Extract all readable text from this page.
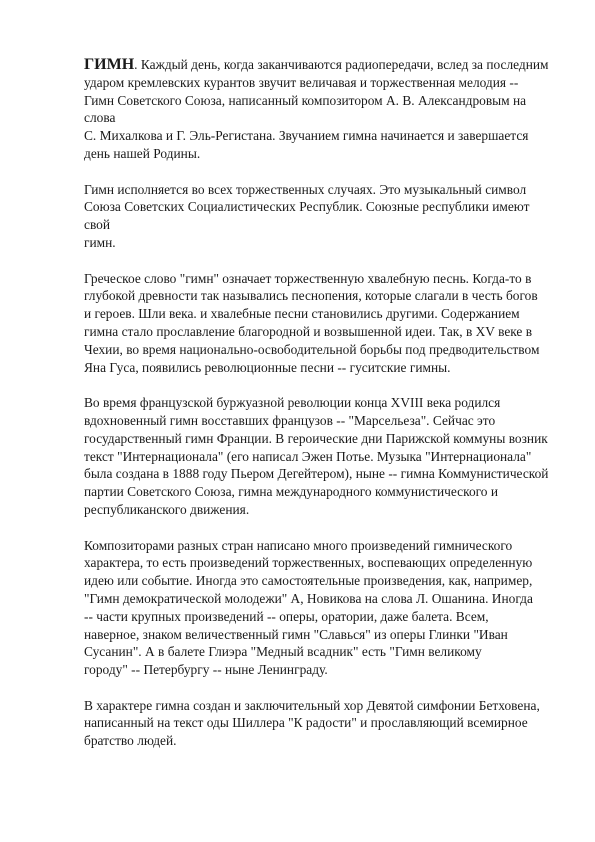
ГИМН. Каждый день, когда заканчиваются радиопередачи, вслед за последним
ударом кремлевских курантов звучит величавая и торжественная мелодия --
Гимн Советского Союза, написанный композитором А. В. Александровым на
слова
С. Михалкова и Г. Эль-Регистана. Звучанием гимна начинается и завершается
день нашей Родины.

Гимн исполняется во всех торжественных случаях. Это музыкальный символ
Союза Советских Социалистических Республик. Союзные республики имеют
свой
гимн.

Греческое слово "гимн" означает торжественную хвалебную песнь. Когда-то в
глубокой древности так назывались песнопения, которые слагали в честь богов
и героев. Шли века. и хвалебные песни становились другими. Содержанием
гимна стало прославление благородной и возвышенной идеи. Так, в XV веке в
Чехии, во время национально-освободительной борьбы под предводительством
Яна Гуса, появились революционные песни -- гуситские гимны.

Во время французской буржуазной революции конца XVIII века родился
вдохновенный гимн восставших французов -- "Марсельеза". Сейчас это
государственный гимн Франции. В героические дни Парижской коммуны возник
текст "Интернационала" (его написал Эжен Потье. Музыка "Интернационала"
была создана в 1888 году Пьером Дегейтером), ныне -- гимна Коммунистической
партии Советского Союза, гимна международного коммунистического и
республиканского движения.

Композиторами разных стран написано много произведений гимнического
характера, то есть произведений торжественных, воспевающих определенную
идею или событие. Иногда это самостоятельные произведения, как, например,
"Гимн демократической молодежи" А, Новикова на слова Л. Ошанина. Иногда
-- части крупных произведений -- оперы, оратории, даже балета. Всем,
наверное, знаком величественный гимн "Славься" из оперы Глинки "Иван
Сусанин". А в балете Глиэра "Медный всадник" есть "Гимн великому
городу" -- Петербургу -- ныне Ленинграду.

В характере гимна создан и заключительный хор Девятой симфонии Бетховена,
написанный на текст оды Шиллера "К радости" и прославляющий всемирное
братство людей.
